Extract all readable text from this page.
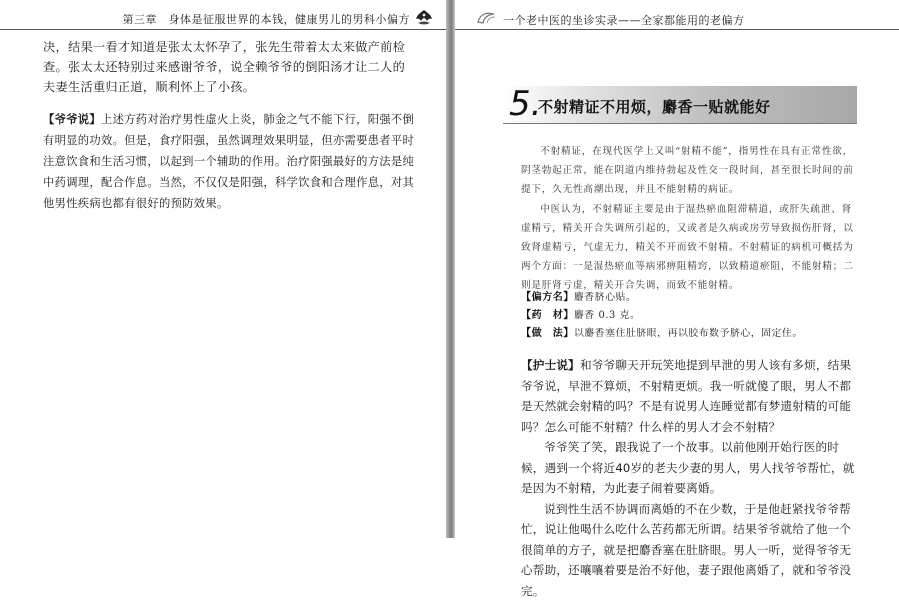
第三章　身体是征服世界的本钱，健康男儿的男科小偏方

决，结果一看才知道是张太太怀孕了，张先生带着太太来做产前检查。张太太还特别过来感谢爷爷，说全赖爷爷的倒阳汤才让二人的夫妻生活重归正道，顺利怀上了小孩。

【爷爷说】上述方药对治疗男性虚火上炎，肺金之气不能下行，阳强不倒有明显的功效。但是，食疗阳强，虽然调理效果明显，但亦需要患者平时注意饮食和生活习惯，以起到一个辅助的作用。治疗阳强最好的方法是纯中药调理，配合作息。当然，不仅仅是阳强，科学饮食和合理作息，对其他男性疾病也都有很好的预防效果。

一个老中医的坐诊实录——全家都能用的老偏方
5.
不射精证不用烦，麝香一贴就能好

不射精证，在现代医学上又叫“射精不能”，指男性在具有正常性欲，阴茎勃起正常，能在阴道内维持勃起及性交一段时间，甚至很长时间的前提下，久无性高潮出现，并且不能射精的病证。

中医认为，不射精证主要是由于湿热瘀血阻滞精道，或肝失疏泄、肾虚精亏，精关开合失调所引起的，又或者是久病或房劳导致损伤肝肾，以致肾虚精亏，气虚无力，精关不开而致不射精。不射精证的病机可概括为两个方面：一是湿热瘀血等病邪痹阻精窍，以致精道瘀阻，不能射精；二则是肝肾亏虚，精关开合失调，而致不能射精。

【偏方名】麝香脐心贴。
【药　材】麝香 0.3 克。
【做　法】以麝香塞住肚脐眼，再以胶布数予脐心，固定住。

【护士说】和爷爷聊天开玩笑地提到早泄的男人该有多烦，结果爷爷说，早泄不算烦，不射精更烦。我一听就傻了眼，男人不都是天然就会射精的吗？不是有说男人连睡觉都有梦遗射精的可能吗？怎么可能不射精？什么样的男人才会不射精？

爷爷笑了笑，跟我说了一个故事。以前他刚开始行医的时候，遇到一个将近40岁的老夫少妻的男人，男人找爷爷帮忙，就是因为不射精，为此妻子闹着要离婚。

说到性生活不协调而离婚的不在少数，于是他赶紧找爷爷帮忙，说让他喝什么吃什么苦药都无所谓。结果爷爷就给了他一个很简单的方子，就是把麝香塞在肚脐眼。男人一听，觉得爷爷无心帮助，还嚷嚷着要是治不好他，妻子跟他离婚了，就和爷爷没完。
